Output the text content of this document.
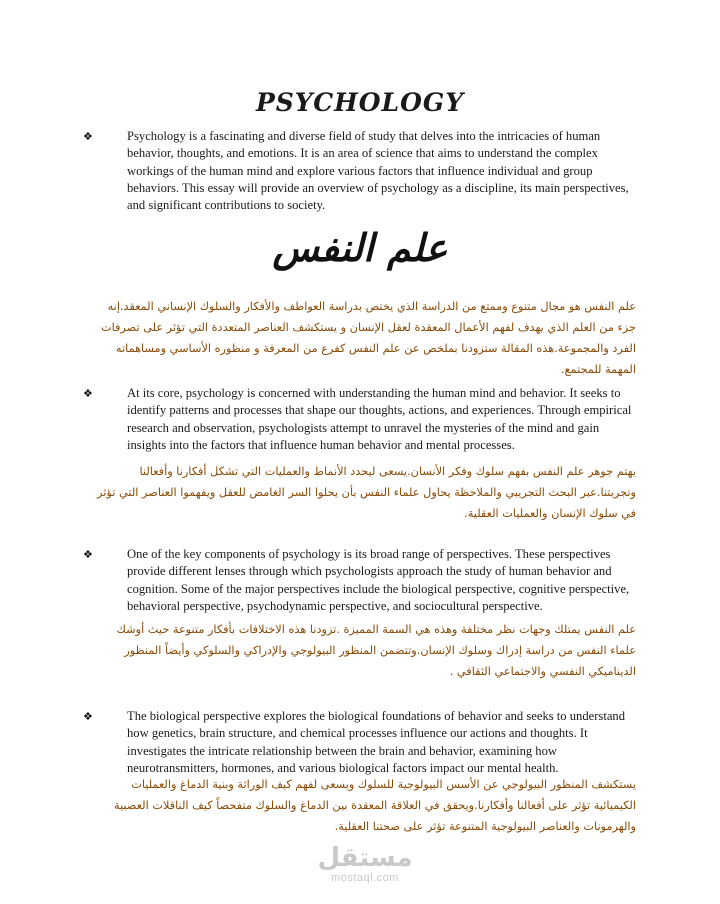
PSYCHOLOGY
❖	Psychology is a fascinating and diverse field of study that delves into the intricacies of human behavior, thoughts, and emotions. It is an area of science that aims to understand the complex workings of the human mind and explore various factors that influence individual and group behaviors. This essay will provide an overview of psychology as a discipline, its main perspectives, and significant contributions to society.
علم النفس
علم النفس هو مجال متنوع وممتع من الدراسة الذي يختص بدراسة العواطف والأفكار والسلوك الإنساني المعقد.إنه جزء من العلم الذي يهدف لفهم الأعمال المعقدة لعقل الإنسان و يستكشف العناصر المتعددة التي تؤثر على تصرفات الفرد والمجموعة.هذه المقالة ستزودنا بملخص عن علم النفس كفرع من المعرفة و منظوره الأساسي ومساهماته المهمة للمجتمع.
❖	At its core, psychology is concerned with understanding the human mind and behavior. It seeks to identify patterns and processes that shape our thoughts, actions, and experiences. Through empirical research and observation, psychologists attempt to unravel the mysteries of the mind and gain insights into the factors that influence human behavior and mental processes.
يهتم جوهر علم النفس بفهم سلوك وفكر الأنسان.يسعى ليحدد الأنماط والعمليات التي تشكل أفكارنا وأفعالنا وتجربتنا.عبر البحث التجريبي والملاحظة يحاول علماء النفس بأن يحلوا السر الغامض للعقل ويفهموا العناصر التي تؤثر في سلوك الإنسان والعمليات العقلية.
❖	One of the key components of psychology is its broad range of perspectives. These perspectives provide different lenses through which psychologists approach the study of human behavior and cognition. Some of the major perspectives include the biological perspective, cognitive perspective, behavioral perspective, psychodynamic perspective, and sociocultural perspective.
علم النفس يمتلك وجهات نظر مختلفة وهذه هي السمة المميزة .تزودنا هذه الاختلافات بأفكار متنوعة حيث أوشك علماء النفس من دراسة إدراك وسلوك الإنسان.وتتضمن المنظور البيولوجي والإدراكي والسلوكي وأيضاً المنظور الديناميكي النفسي والاجتماعي الثقافي .
❖	The biological perspective explores the biological foundations of behavior and seeks to understand how genetics, brain structure, and chemical processes influence our actions and thoughts. It investigates the intricate relationship between the brain and behavior, examining how neurotransmitters, hormones, and various biological factors impact our mental health.
يستكشف المنظور البيولوجي عن الأسس البيولوجية للسلوك ويسعى لفهم كيف الوراثة وبنية الدماغ والعمليات الكيميائية تؤثر على أفعالنا وأفكارنا.ويحقق في العلاقة المعقدة بين الدماغ والسلوك متفحصاً كيف الناقلات العصبية والهرمونات والعناصر البيولوجية المتنوعة تؤثر على صحتنا العقلية.
مستقل
mostaql.com
